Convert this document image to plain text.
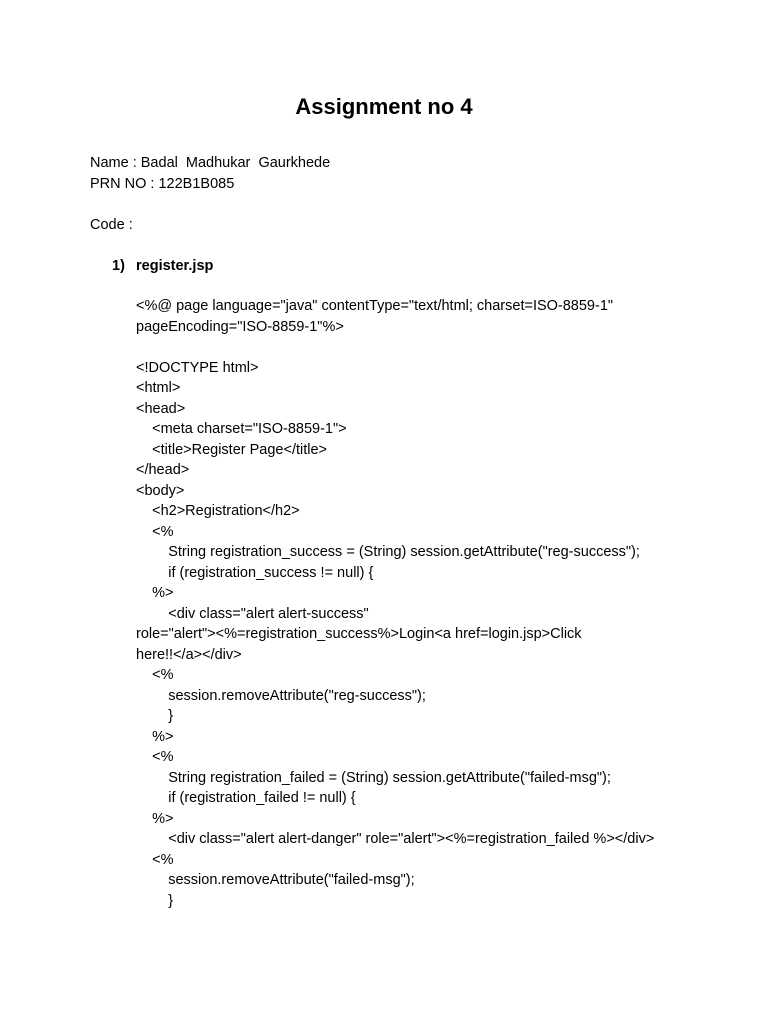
Assignment no 4
Name : Badal  Madhukar  Gaurkhede
PRN NO : 122B1B085
Code :
1) register.jsp
<%@ page language="java" contentType="text/html; charset=ISO-8859-1"
pageEncoding="ISO-8859-1"%>
<!DOCTYPE html>
<html>
<head>
<meta charset="ISO-8859-1">
<title>Register Page</title>
</head>
<body>
<h2>Registration</h2>
<%
String registration_success = (String) session.getAttribute("reg-success");
if (registration_success != null) {
%>
<div class="alert alert-success"
role="alert"><%=registration_success%>Login<a href=login.jsp>Click
here!!</a></div>
<%
session.removeAttribute("reg-success");
}
%>
<%
String registration_failed = (String) session.getAttribute("failed-msg");
if (registration_failed != null) {
%>
<div class="alert alert-danger" role="alert"><%=registration_failed %></div>
<%
session.removeAttribute("failed-msg");
}
